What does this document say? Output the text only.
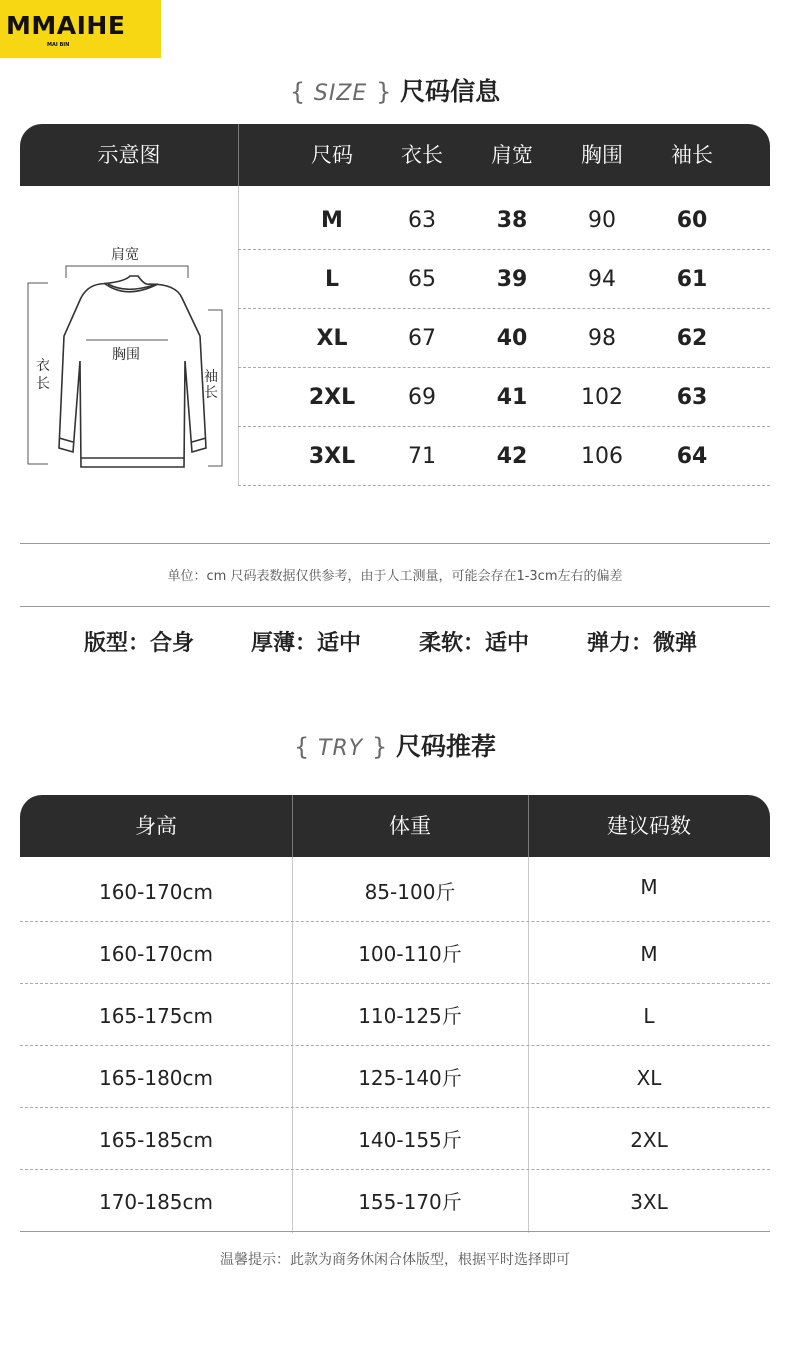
MMAIHE
MAI BIN
{ SIZE } 尺码信息
示意图	尺码	衣长	肩宽	胸围	袖长
肩宽
胸围
衣
长	袖
长
M	63	38	90	60
L	65	39	94	61
XL	67	40	98	62
2XL	69	41	102	63
3XL	71	42	106	64
单位：cm 尺码表数据仅供参考，由于人工测量，可能会存在1-3cm左右的偏差
版型：合身	厚薄：适中	柔软：适中	弹力：微弹
{ TRY } 尺码推荐
身高	体重	建议码数
160-170cm	85-100斤	M
160-170cm	100-110斤	M
165-175cm	110-125斤	L
165-180cm	125-140斤	XL
165-185cm	140-155斤	2XL
170-185cm	155-170斤	3XL
温馨提示：此款为商务休闲合体版型，根据平时选择即可
